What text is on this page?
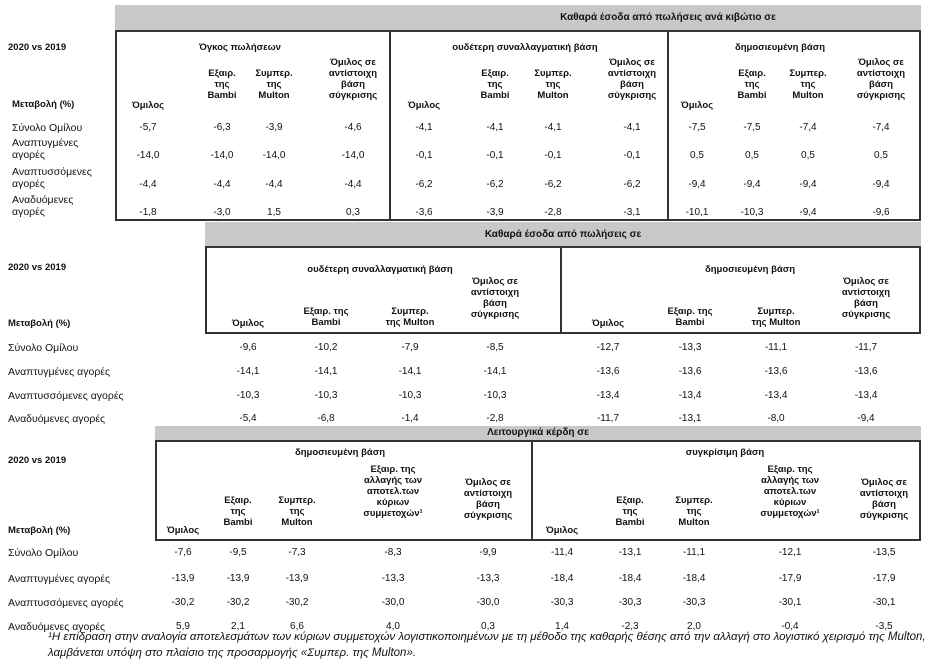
Καθαρά έσοδα από πωλήσεις ανά κιβώτιο σε
2020 vs 2019
Μεταβολή (%)
Όγκος πωλήσεων	ουδέτερη συναλλαγματική βάση	δημοσιευμένη βάση
Όμιλος
Εξαιρ.
της
Bambi
Συμπερ.
της
Multon
Όμιλος σε
αντίστοιχη
βάση
σύγκρισης
Όμιλος
Εξαιρ.
της
Bambi
Συμπερ.
της
Multon
Όμιλος σε
αντίστοιχη
βάση
σύγκρισης
Όμιλος
Εξαιρ.
της
Bambi
Συμπερ.
της
Multon
Όμιλος σε
αντίστοιχη
βάση
σύγκρισης
Σύνολο Ομίλου	-5,7	-6,3	-3,9	-4,6	-4,1	-4,1	-4,1	-4,1	-7,5	-7,5	-7,4	-7,4
Αναπτυγμένες
αγορές	-14,0	-14,0	-14,0	-14,0	-0,1	-0,1	-0,1	-0,1	0,5	0,5	0,5	0,5
Αναπτυσσόμενες
αγορές	-4,4	-4,4	-4,4	-4,4	-6,2	-6,2	-6,2	-6,2	-9,4	-9,4	-9,4	-9,4
Αναδυόμενες
αγορές	-1,8	-3,0	1,5	0,3	-3,6	-3,9	-2,8	-3,1	-10,1	-10,3	-9,4	-9,6
Καθαρά έσοδα από πωλήσεις σε
2020 vs 2019
Μεταβολή (%)
ουδέτερη συναλλαγματική βάση	δημοσιευμένη βάση
Όμιλος
Εξαιρ. της
Bambi
Συμπερ.
της Multon
Όμιλος σε
αντίστοιχη
βάση
σύγκρισης
Όμιλος
Εξαιρ. της
Bambi
Συμπερ.
της Multon
Όμιλος σε
αντίστοιχη
βάση
σύγκρισης
Σύνολο Ομίλου	-9,6	-10,2	-7,9	-8,5	-12,7	-13,3	-11,1	-11,7
Αναπτυγμένες αγορές	-14,1	-14,1	-14,1	-14,1	-13,6	-13,6	-13,6	-13,6
Αναπτυσσόμενες αγορές	-10,3	-10,3	-10,3	-10,3	-13,4	-13,4	-13,4	-13,4
Αναδυόμενες αγορές	-5,4	-6,8	-1,4	-2,8	-11,7	-13,1	-8,0	-9,4
Λειτουργικά κέρδη σε
2020 vs 2019
Μεταβολή (%)
δημοσιευμένη βάση	συγκρίσιμη βάση
Όμιλος
Εξαιρ.
της
Bambi
Συμπερ.
της
Multon
Εξαιρ. της
αλλαγής των
αποτελ.των
κύριων
συμμετοχών¹
Όμιλος σε
αντίστοιχη
βάση
σύγκρισης
Όμιλος
Εξαιρ.
της
Bambi
Συμπερ.
της
Multon
Εξαιρ. της
αλλαγής των
αποτελ.των
κύριων
συμμετοχών¹
Όμιλος σε
αντίστοιχη
βάση
σύγκρισης
Σύνολο Ομίλου	-7,6	-9,5	-7,3	-8,3	-9,9	-11,4	-13,1	-11,1	-12,1	-13,5
Αναπτυγμένες αγορές	-13,9	-13,9	-13,9	-13,3	-13,3	-18,4	-18,4	-18,4	-17,9	-17,9
Αναπτυσσόμενες αγορές	-30,2	-30,2	-30,2	-30,0	-30,0	-30,3	-30,3	-30,3	-30,1	-30,1
Αναδυόμενες αγορές	5,9	2,1	6,6	4,0	0,3	1,4	-2,3	2,0	-0,4	-3,5
¹Η επίδραση στην αναλογία αποτελεσμάτων των κύριων συμμετοχών λογιστικοποιημένων με τη μέθοδο της καθαρής θέσης από την αλλαγή στο λογιστικό χειρισμό της Multon, λαμβάνεται υπόψη στο πλαίσιο της προσαρμογής «Συμπερ. της Multon».
